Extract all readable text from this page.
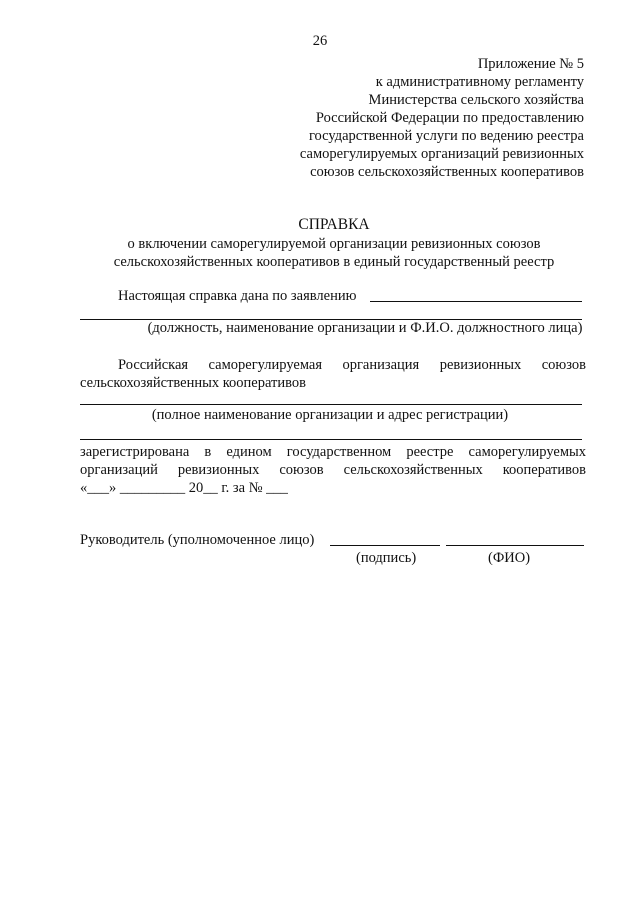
26
Приложение № 5
к административному регламенту
Министерства сельского хозяйства
Российской Федерации по предоставлению
государственной услуги по ведению реестра
саморегулируемых организаций ревизионных
союзов сельскохозяйственных кооперативов
СПРАВКА
о включении саморегулируемой организации ревизионных союзов
сельскохозяйственных кооперативов в единый государственный реестр
Настоящая справка дана по заявлению
(должность, наименование организации и Ф.И.О. должностного лица)
Российская саморегулируемая организация ревизионных союзов
сельскохозяйственных кооперативов
(полное наименование организации и адрес регистрации)
зарегистрирована в едином государственном реестре саморегулируемых
организаций ревизионных союзов сельскохозяйственных кооперативов
«___» _________ 20__ г. за № ___
Руководитель (уполномоченное лицо)
(подпись)	(ФИО)
